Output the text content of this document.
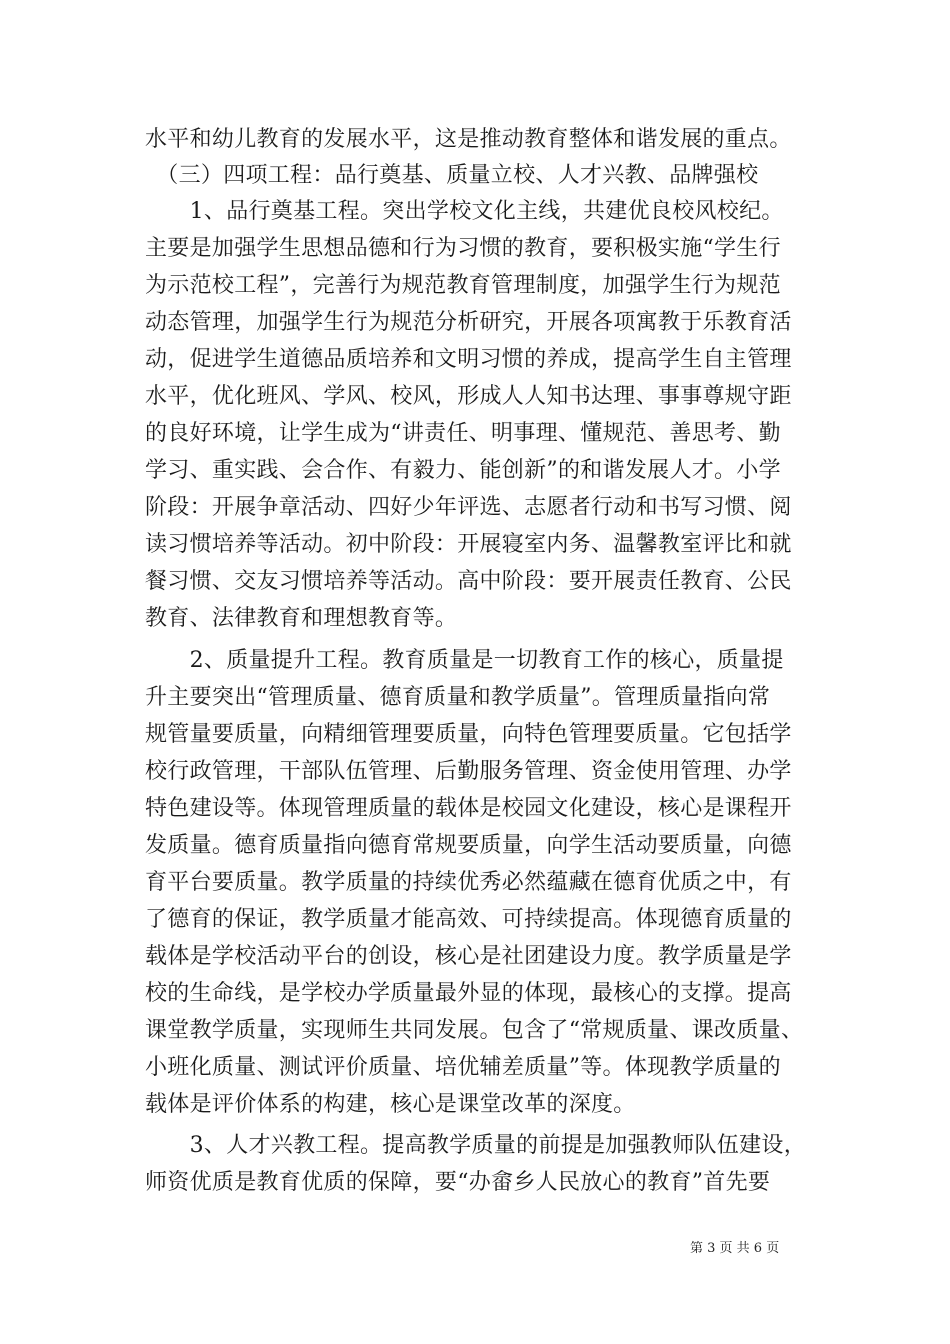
水平和幼儿教育的发展水平，这是推动教育整体和谐发展的重点。
　（三）四项工程：品行奠基、质量立校、人才兴教、品牌强校
　　1、品行奠基工程。突出学校文化主线，共建优良校风校纪。
主要是加强学生思想品德和行为习惯的教育，要积极实施“学生行
为示范校工程”，完善行为规范教育管理制度，加强学生行为规范
动态管理，加强学生行为规范分析研究，开展各项寓教于乐教育活
动，促进学生道德品质培养和文明习惯的养成，提高学生自主管理
水平，优化班风、学风、校风，形成人人知书达理、事事尊规守距
的良好环境，让学生成为“讲责任、明事理、懂规范、善思考、勤
学习、重实践、会合作、有毅力、能创新”的和谐发展人才。小学
阶段：开展争章活动、四好少年评选、志愿者行动和书写习惯、阅
读习惯培养等活动。初中阶段：开展寝室内务、温馨教室评比和就
餐习惯、交友习惯培养等活动。高中阶段：要开展责任教育、公民
教育、法律教育和理想教育等。
　　2、质量提升工程。教育质量是一切教育工作的核心，质量提
升主要突出“管理质量、德育质量和教学质量”。管理质量指向常
规管量要质量，向精细管理要质量，向特色管理要质量。它包括学
校行政管理，干部队伍管理、后勤服务管理、资金使用管理、办学
特色建设等。体现管理质量的载体是校园文化建设，核心是课程开
发质量。德育质量指向德育常规要质量，向学生活动要质量，向德
育平台要质量。教学质量的持续优秀必然蕴藏在德育优质之中，有
了德育的保证，教学质量才能高效、可持续提高。体现德育质量的
载体是学校活动平台的创设，核心是社团建设力度。教学质量是学
校的生命线，是学校办学质量最外显的体现，最核心的支撑。提高
课堂教学质量，实现师生共同发展。包含了“常规质量、课改质量、
小班化质量、测试评价质量、培优辅差质量”等。体现教学质量的
载体是评价体系的构建，核心是课堂改革的深度。
　　3、人才兴教工程。提高教学质量的前提是加强教师队伍建设，
师资优质是教育优质的保障，要“办畲乡人民放心的教育”首先要
第 3 页 共 6 页
